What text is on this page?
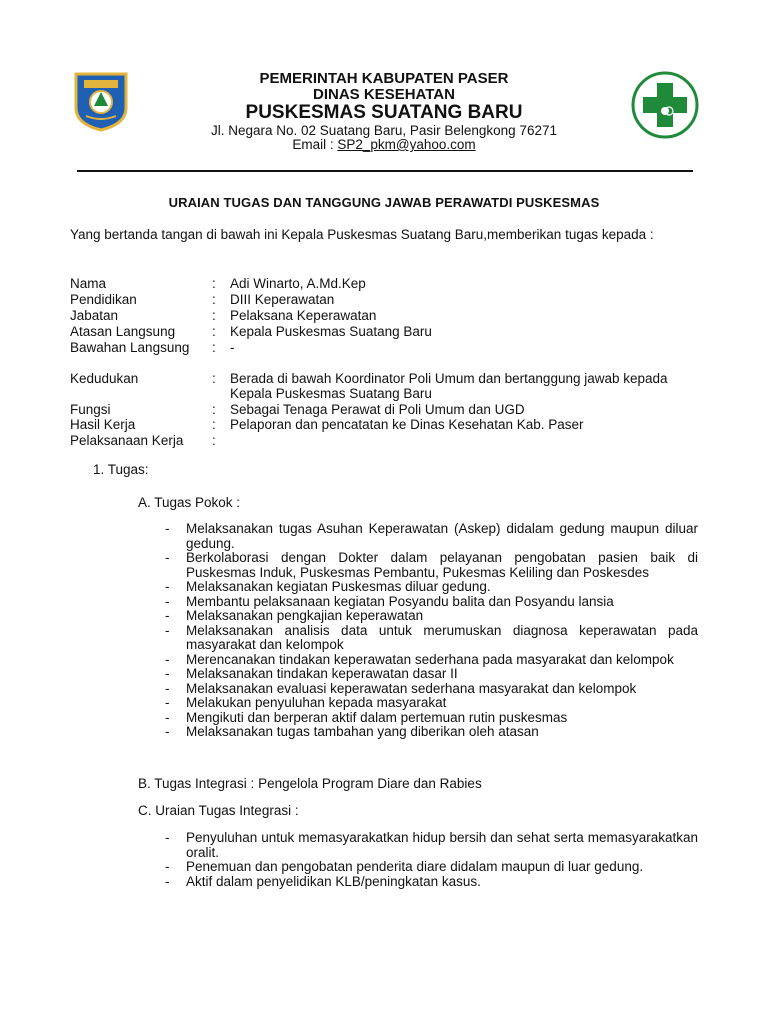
PEMERINTAH KABUPATEN PASER
DINAS KESEHATAN
PUSKESMAS SUATANG BARU
Jl. Negara No. 02 Suatang Baru, Pasir Belengkong 76271
Email : SP2_pkm@yahoo.com
URAIAN TUGAS DAN TANGGUNG JAWAB PERAWATDI PUSKESMAS
Yang bertanda tangan di bawah ini Kepala Puskesmas Suatang Baru,memberikan tugas kepada :
Nama	: Adi Winarto, A.Md.Kep
Pendidikan	: DIII Keperawatan
Jabatan	: Pelaksana Keperawatan
Atasan Langsung	: Kepala Puskesmas Suatang Baru
Bawahan Langsung	: -
Kedudukan	: Berada di bawah Koordinator Poli Umum dan bertanggung jawab kepada Kepala Puskesmas Suatang Baru
Fungsi	: Sebagai Tenaga Perawat di Poli Umum dan UGD
Hasil Kerja	: Pelaporan dan pencatatan ke Dinas Kesehatan Kab. Paser
Pelaksanaan Kerja	:
1. Tugas:
A. Tugas Pokok :
- Melaksanakan tugas Asuhan Keperawatan (Askep) didalam gedung maupun diluar gedung.
- Berkolaborasi dengan Dokter dalam pelayanan pengobatan pasien baik di Puskesmas Induk, Puskesmas Pembantu, Pukesmas Keliling dan Poskesdes
- Melaksanakan kegiatan Puskesmas diluar gedung.
- Membantu pelaksanaan kegiatan Posyandu balita dan Posyandu lansia
- Melaksanakan pengkajian keperawatan
- Melaksanakan analisis data untuk merumuskan diagnosa keperawatan pada masyarakat dan kelompok
- Merencanakan tindakan keperawatan sederhana pada masyarakat dan kelompok
- Melaksanakan tindakan keperawatan dasar II
- Melaksanakan evaluasi keperawatan sederhana masyarakat dan kelompok
- Melakukan penyuluhan kepada masyarakat
- Mengikuti dan berperan aktif dalam pertemuan rutin puskesmas
- Melaksanakan tugas tambahan yang diberikan oleh atasan
B. Tugas Integrasi : Pengelola Program Diare dan Rabies
C. Uraian Tugas Integrasi :
- Penyuluhan untuk memasyarakatkan hidup bersih dan sehat serta memasyarakatkan oralit.
- Penemuan dan pengobatan penderita diare didalam maupun di luar gedung.
- Aktif dalam penyelidikan KLB/peningkatan kasus.
